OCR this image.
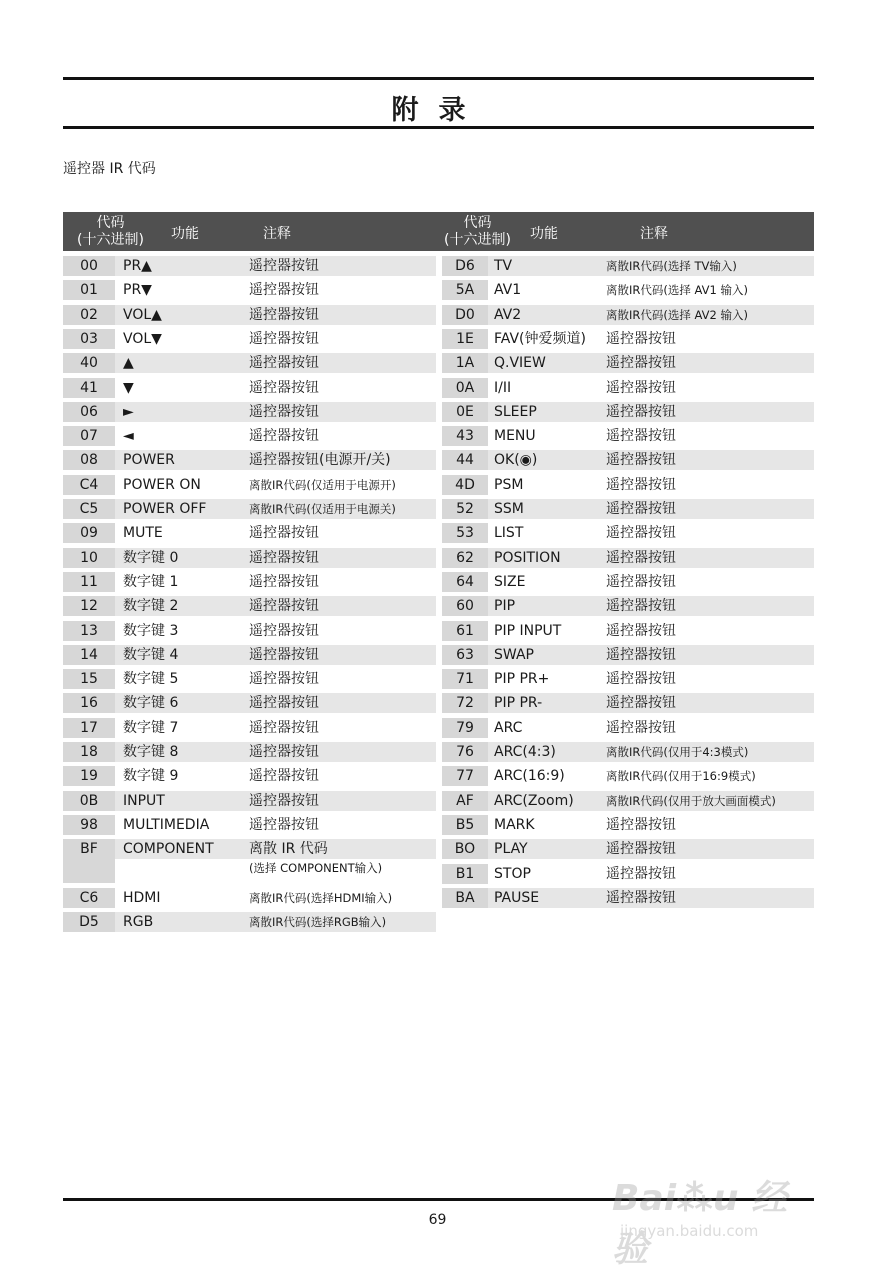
附录
遥控器 IR 代码
代码
(十六进制)	功能	注释
代码
(十六进制)	功能	注释
00	PR▲	遥控器按钮
01	PR▼	遥控器按钮
02	VOL▲	遥控器按钮
03	VOL▼	遥控器按钮
40	▲	遥控器按钮
41	▼	遥控器按钮
06	►	遥控器按钮
07	◄	遥控器按钮
08	POWER	遥控器按钮(电源开/关)
C4	POWER ON	离散IR代码(仅适用于电源开)
C5	POWER OFF	离散IR代码(仅适用于电源关)
09	MUTE	遥控器按钮
10	数字键 0	遥控器按钮
11	数字键 1	遥控器按钮
12	数字键 2	遥控器按钮
13	数字键 3	遥控器按钮
14	数字键 4	遥控器按钮
15	数字键 5	遥控器按钮
16	数字键 6	遥控器按钮
17	数字键 7	遥控器按钮
18	数字键 8	遥控器按钮
19	数字键 9	遥控器按钮
0B	INPUT	遥控器按钮
98	MULTIMEDIA	遥控器按钮
BF	COMPONENT	离散 IR 代码
(选择 COMPONENT输入)
C6	HDMI	离散IR代码(选择HDMI输入)
D5	RGB	离散IR代码(选择RGB输入)
D6	TV	离散IR代码(选择 TV输入)
5A	AV1	离散IR代码(选择 AV1 输入)
D0	AV2	离散IR代码(选择 AV2 输入)
1E	FAV(钟爱频道) 遥控器按钮
1A	Q.VIEW	遥控器按钮
0A	I/II	遥控器按钮
0E	SLEEP	遥控器按钮
43	MENU	遥控器按钮
44	OK(◉)	遥控器按钮
4D	PSM	遥控器按钮
52	SSM	遥控器按钮
53	LIST	遥控器按钮
62	POSITION	遥控器按钮
64	SIZE	遥控器按钮
60	PIP	遥控器按钮
61	PIP INPUT	遥控器按钮
63	SWAP	遥控器按钮
71	PIP PR+	遥控器按钮
72	PIP PR-	遥控器按钮
79	ARC	遥控器按钮
76	ARC(4:3)	离散IR代码(仅用于4:3模式)
77	ARC(16:9)	离散IR代码(仅用于16:9模式)
AF	ARC(Zoom)	离散IR代码(仅用于放大画面模式)
B5	MARK	遥控器按钮
BO	PLAY	遥控器按钮
B1	STOP	遥控器按钮
BA	PAUSE	遥控器按钮
69
Bai⁂u 经验
jingyan.baidu.com
